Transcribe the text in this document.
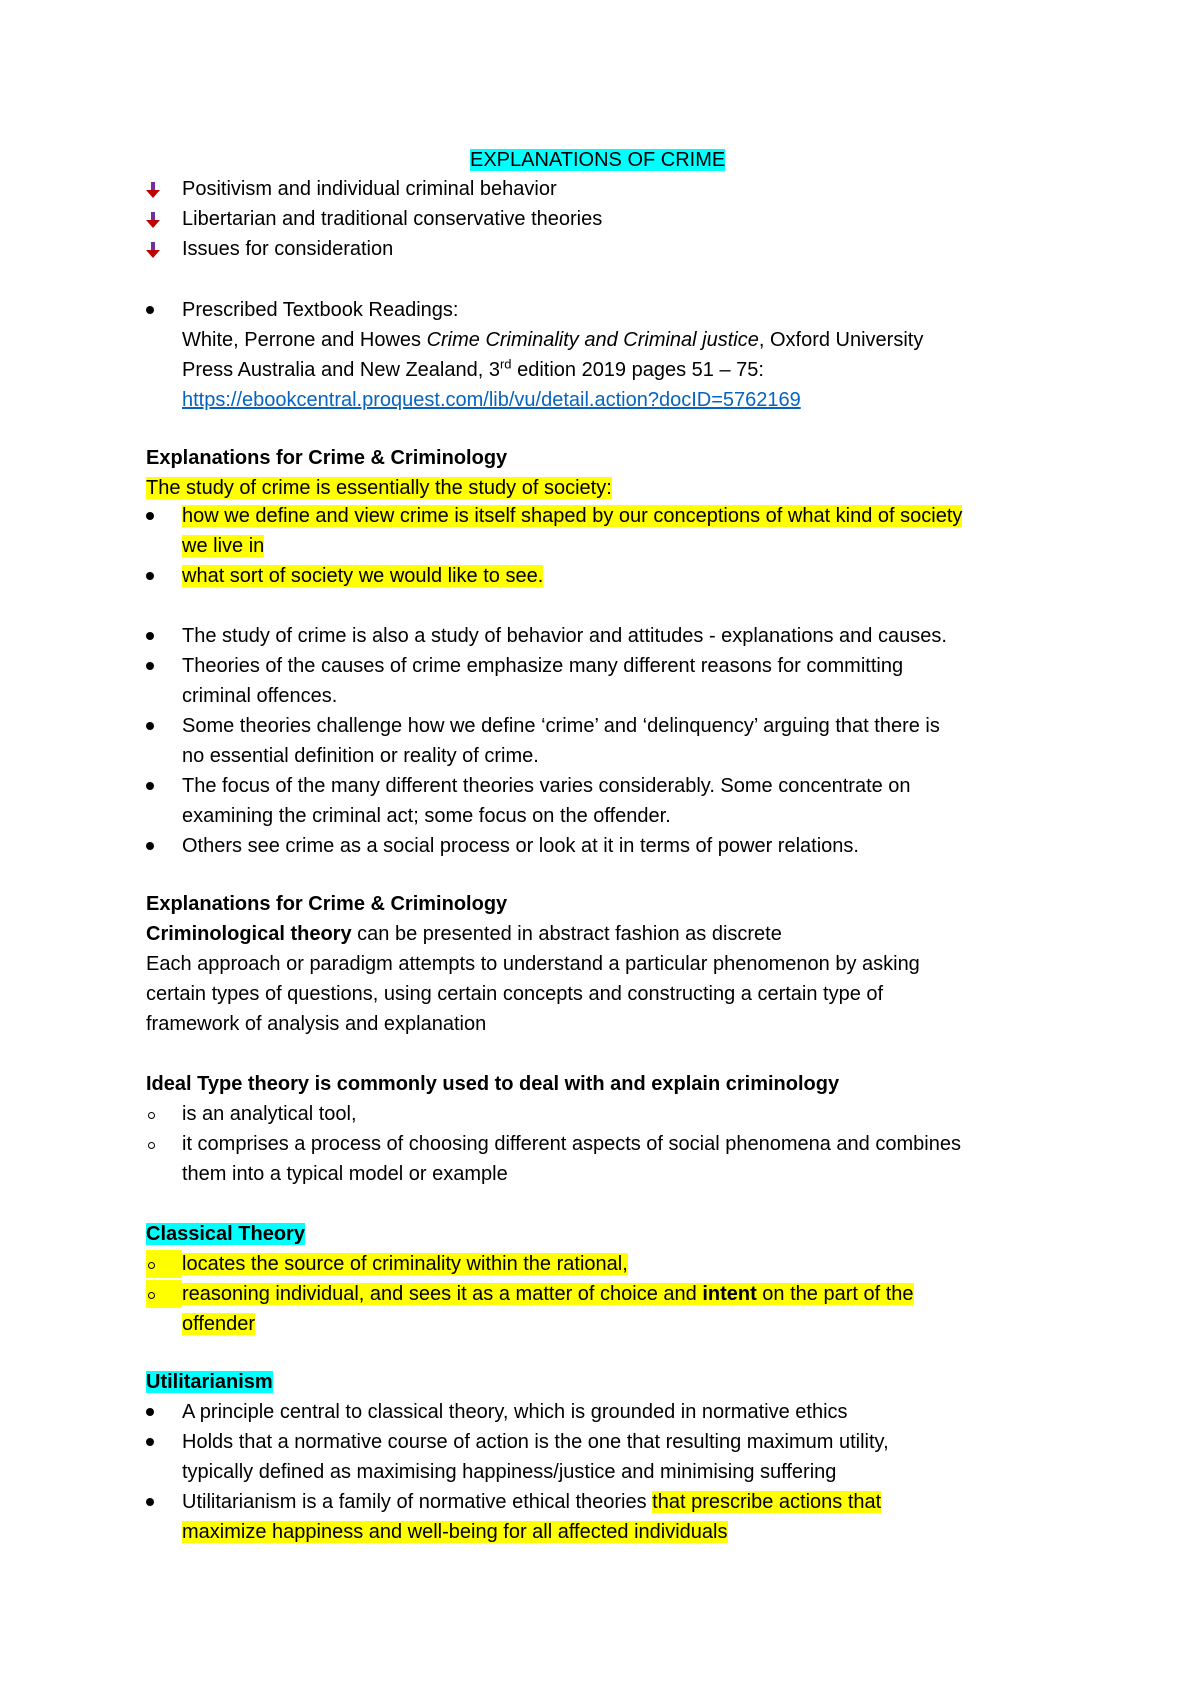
EXPLANATIONS OF CRIME
Positivism and individual criminal behavior
Libertarian and traditional conservative theories
Issues for consideration
Prescribed Textbook Readings:
White, Perrone and Howes Crime Criminality and Criminal justice, Oxford University
Press Australia and New Zealand, 3rd edition 2019 pages 51 – 75:
https://ebookcentral.proquest.com/lib/vu/detail.action?docID=5762169
Explanations for Crime & Criminology
The study of crime is essentially the study of society:
how we define and view crime is itself shaped by our conceptions of what kind of society
we live in
what sort of society we would like to see.
The study of crime is also a study of behavior and attitudes - explanations and causes.
Theories of the causes of crime emphasize many different reasons for committing
criminal offences.
Some theories challenge how we define ‘crime’ and ‘delinquency’ arguing that there is
no essential definition or reality of crime.
The focus of the many different theories varies considerably. Some concentrate on
examining the criminal act; some focus on the offender.
Others see crime as a social process or look at it in terms of power relations.
Explanations for Crime & Criminology
Criminological theory can be presented in abstract fashion as discrete
Each approach or paradigm attempts to understand a particular phenomenon by asking
certain types of questions, using certain concepts and constructing a certain type of
framework of analysis and explanation
Ideal Type theory is commonly used to deal with and explain criminology
is an analytical tool,
it comprises a process of choosing different aspects of social phenomena and combines
them into a typical model or example
Classical Theory
locates the source of criminality within the rational,
reasoning individual, and sees it as a matter of choice and intent on the part of the
offender
Utilitarianism
A principle central to classical theory, which is grounded in normative ethics
Holds that a normative course of action is the one that resulting maximum utility,
typically defined as maximising happiness/justice and minimising suffering
Utilitarianism is a family of normative ethical theories that prescribe actions that
maximize happiness and well-being for all affected individuals
